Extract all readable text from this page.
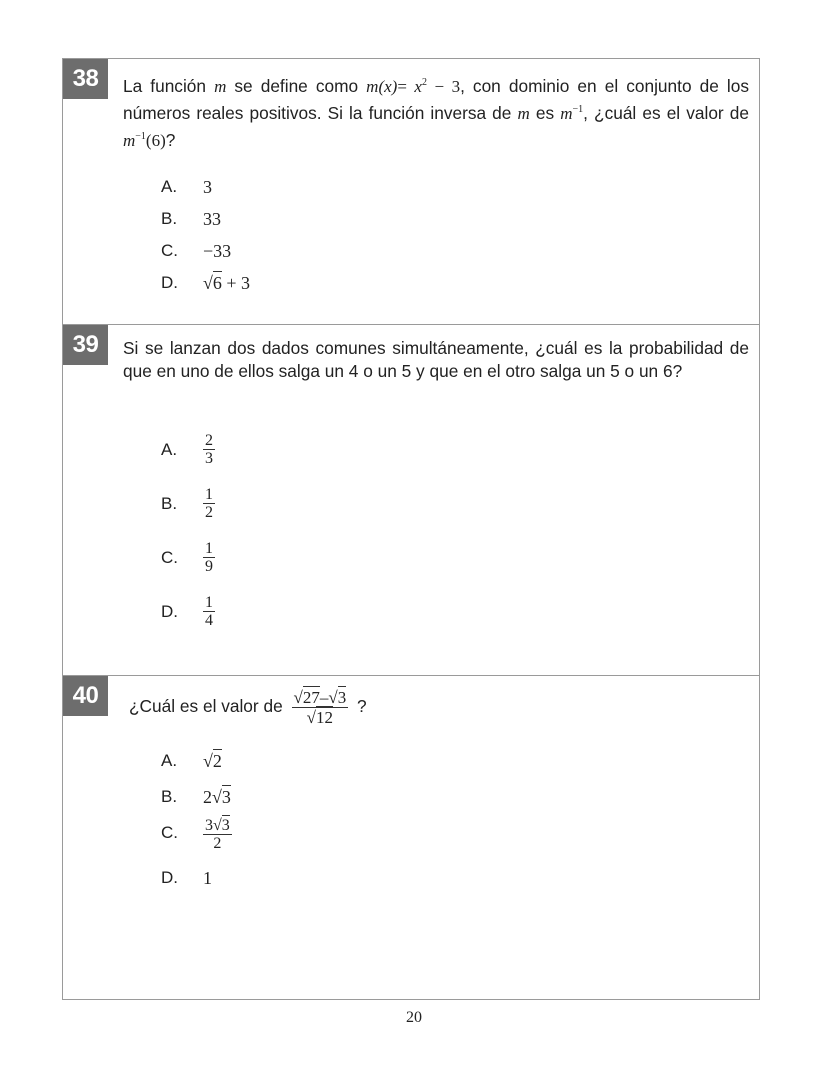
38	La función m se define como $m(x)= x^2 - 3$, con dominio en el conjunto de los números reales positivos. Si la función inversa de m es $m^{-1}$, ¿cuál es el valor de $m^{-1}(6)$?
A.	3
B.	33
C.	−33
D.	√6 + 3
39	Si se lanzan dos dados comunes simultáneamente, ¿cuál es la probabilidad de que en uno de ellos salga un 4 o un 5 y que en el otro salga un 5 o un 6?
A.	$\frac{2}{3}$
B.	$\frac{1}{2}$
C.	$\frac{1}{9}$
D.	$\frac{1}{4}$
40	¿Cuál es el valor de $\frac{√27-√3}{√12}$ ?
A.	√2
B.	2√3
C.	$\frac{3√3}{2}$
D.	1
20
